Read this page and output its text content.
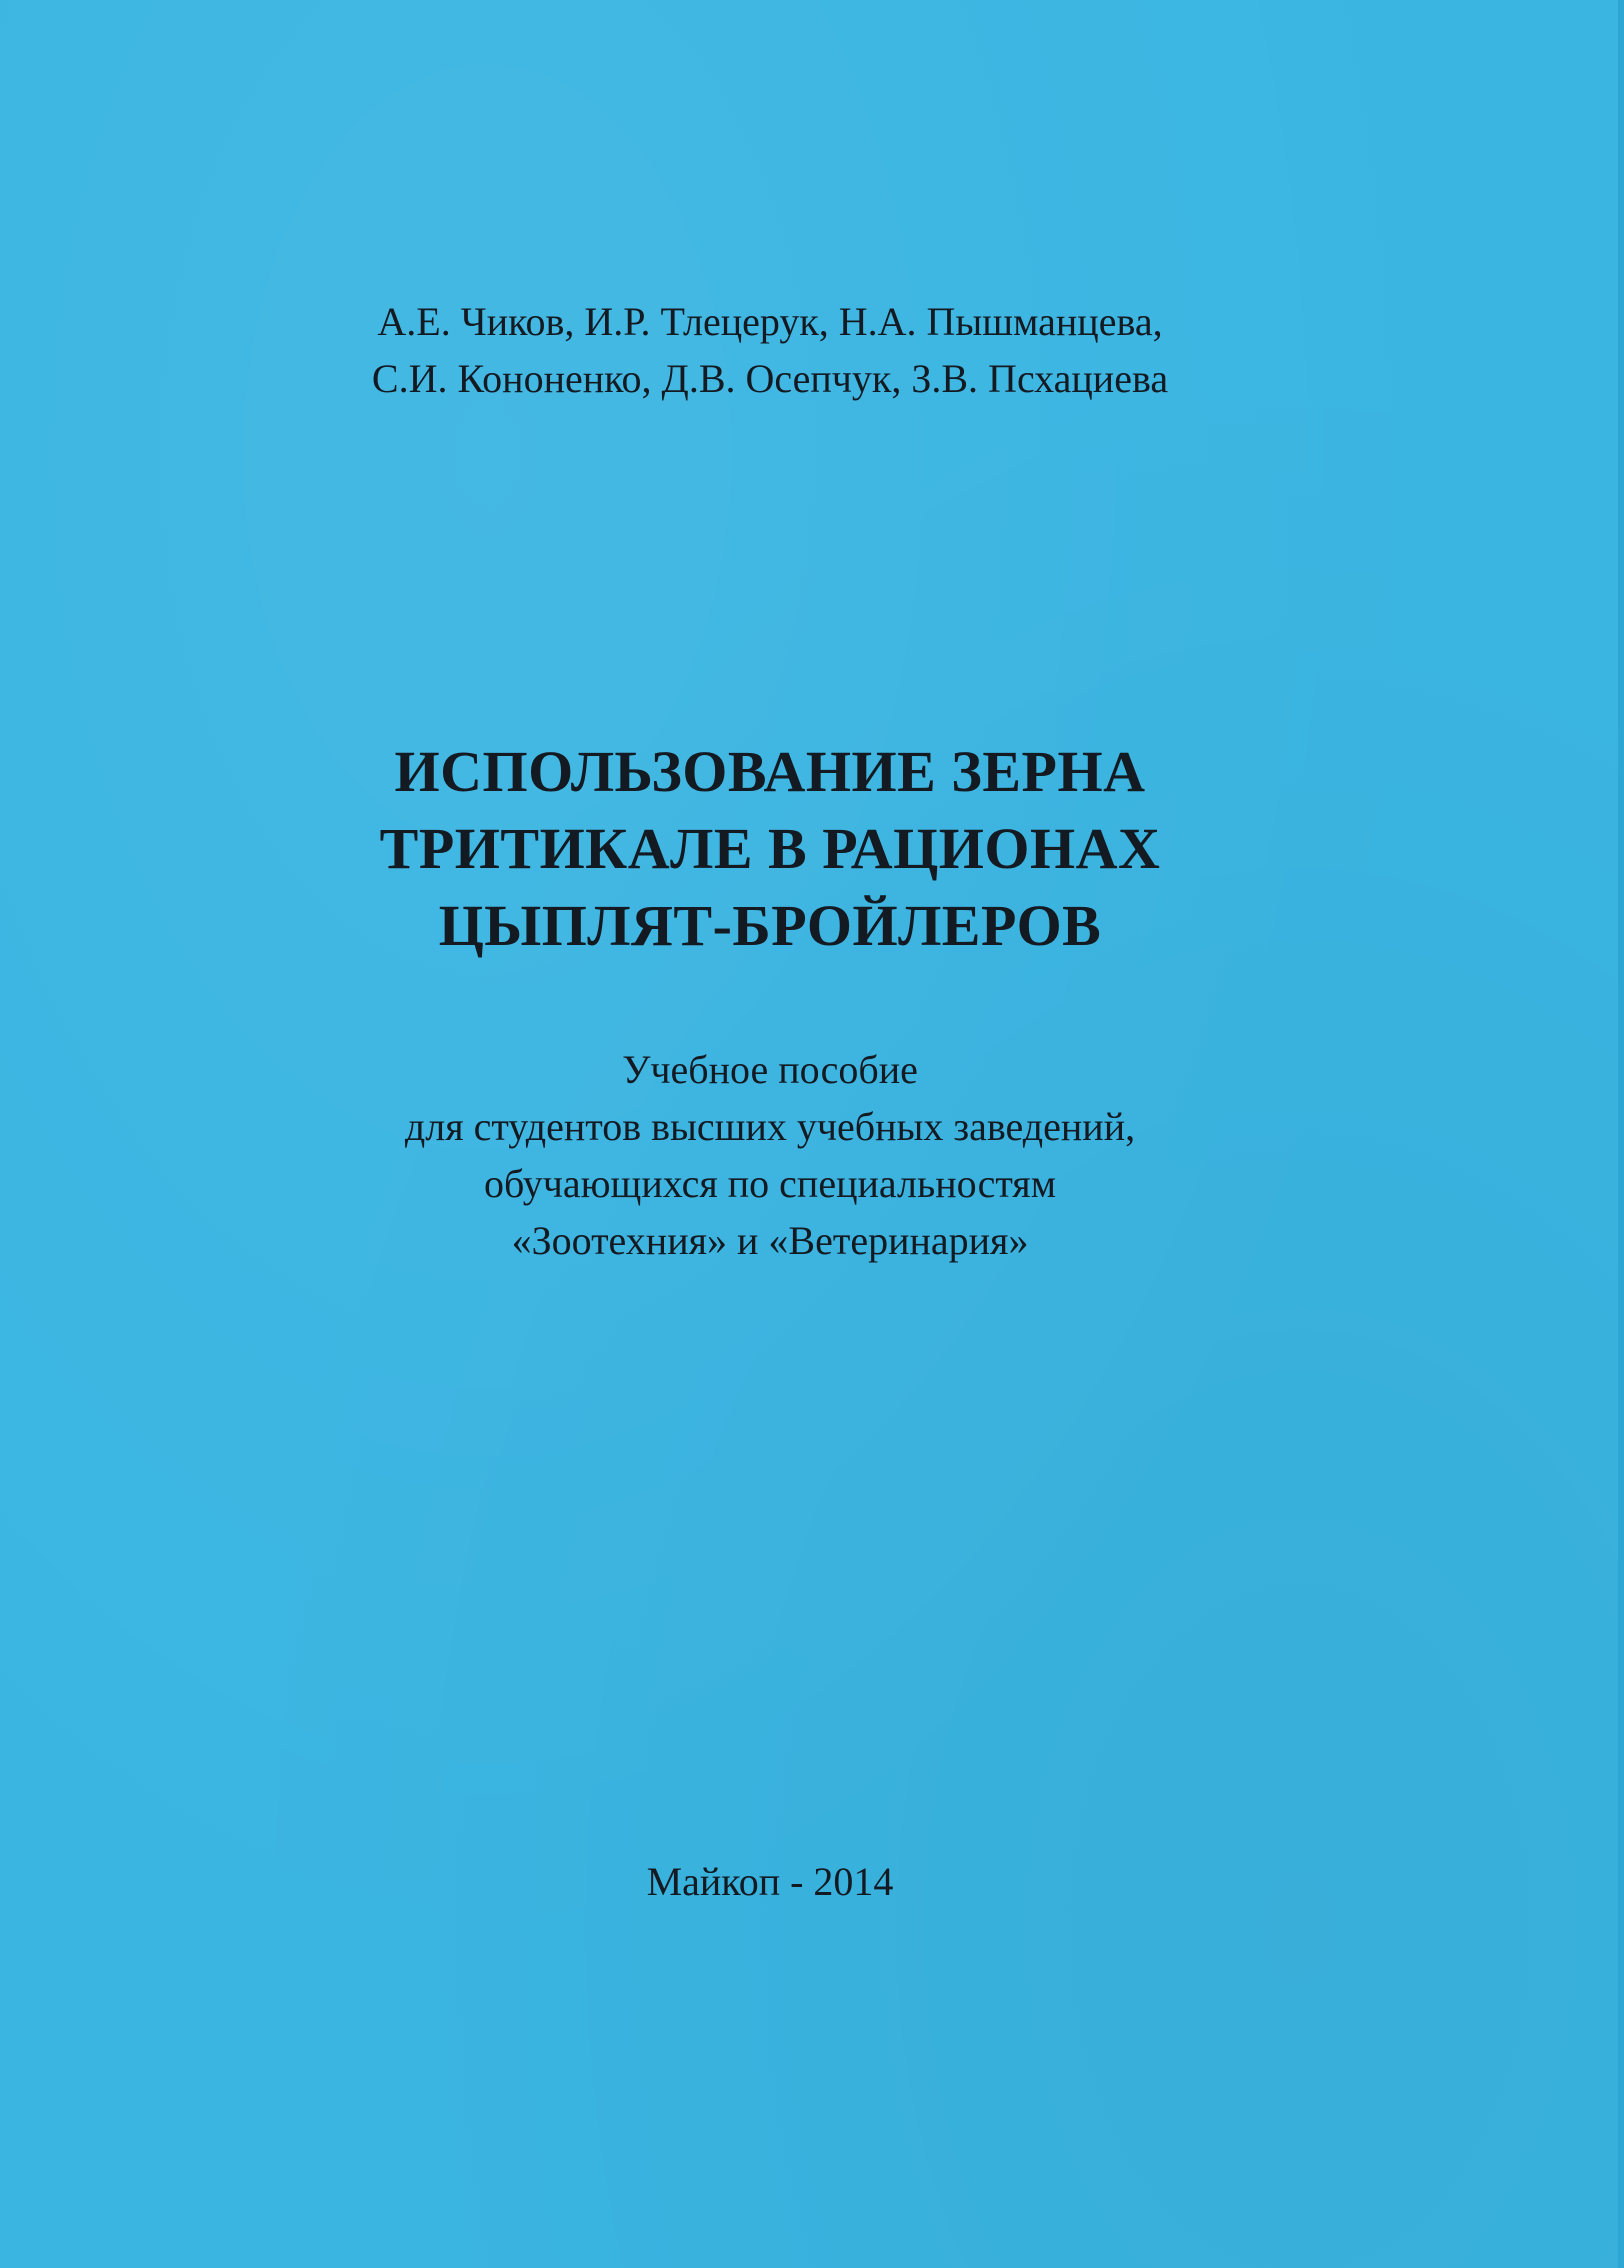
А.Е. Чиков, И.Р. Тлецерук, Н.А. Пышманцева,
С.И. Кононенко, Д.В. Осепчук, З.В. Псхациева
ИСПОЛЬЗОВАНИЕ ЗЕРНА
ТРИТИКАЛЕ В РАЦИОНАХ
ЦЫПЛЯТ-БРОЙЛЕРОВ
Учебное пособие
для студентов высших учебных заведений,
обучающихся по специальностям
«Зоотехния» и «Ветеринария»
Майкоп - 2014
